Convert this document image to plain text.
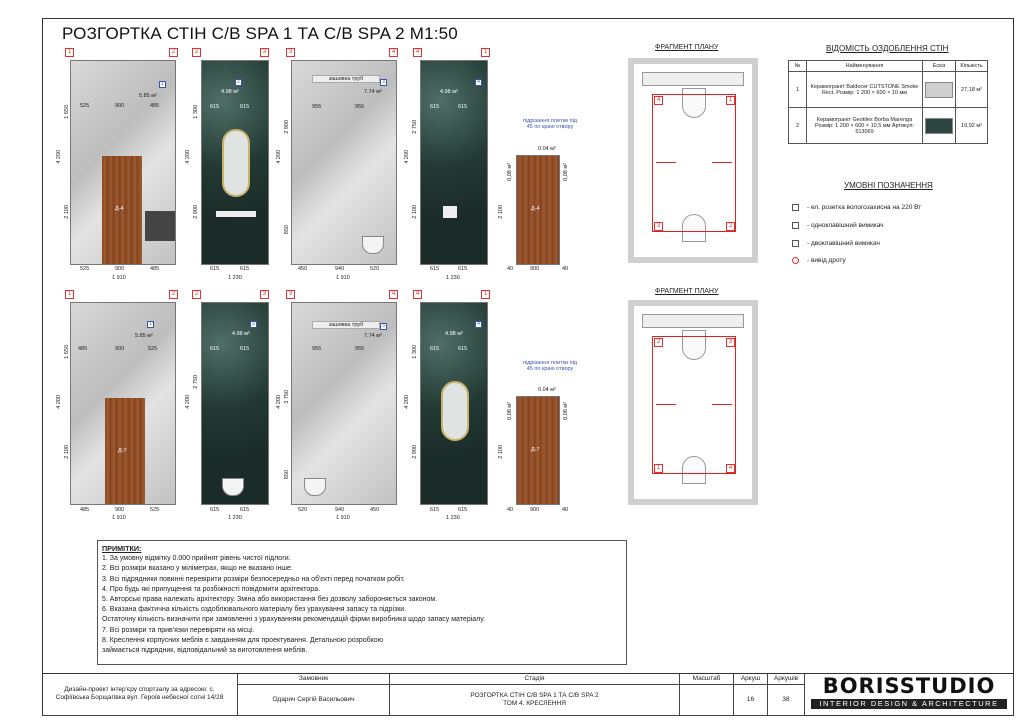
РОЗГОРТКА СТІН С/В SPA 1 ТА С/В SPA 2 М1:50
1	2	2	3	3	4	4	1
Д-4
1
5.85 м²
525	900	485
525	900	485
1 910
4 200
1 650
2 100
2
4.98 м²
615	615
615	615
1 230
4 200
1 300
2 900
зашивка труб	3
7.74 м²
955	955
450	940	520
1 910
4 200
2 900
850
4
4.98 м²
615	615
615	615
1 230
4 200
2 750
2 100
підрізання плитки під 45 по краю отвору
0.04 м²
Д-4
0,08 м²
0,08 м²
2 100
900
40	40
1	2	2	3	3	4	4	1
Д-7
1
5.85 м²
485	900	525
485	900	525
1 910
4 200
1 650
2 100
2
4.98 м²
615	615
615	615
1 230
4 200
2 750
зашивка труб	3
7.74 м²
955	955
520	940	450
1 910
4 200 3 750
850
4
4.98 м²
615	615
615	615
1 230
4 200
1 300
2 900
підрізання плитки під 45 по краю отвору
0.04 м²
Д-7
0,08 м²
0,08 м²
2 100
900
40	40
ФРАГМЕНТ ПЛАНУ
4	1
3	2
ФРАГМЕНТ ПЛАНУ
2	3
1	4
ВІДОМІСТЬ ОЗДОБЛЕННЯ СТІН
№	Найменування	Ескіз	Кількість
1	Керамограніт Baldocer CUTSTONE Smoke Rect. Розмір: 1 200 × 600 × 10 мм		27,18 м²
2	Керамограніт Geotiles Borba Marenga Розмір: 1 200 × 600 × 10,5 мм Артикул: 513069		19,92 м²
УМОВНІ ПОЗНАЧЕННЯ
- ел. розетка вологозахисна на 220 Вт
- одноклавішний вимикач
- двоклавішний вимикач
- вивід дроту
ПРИМІТКИ:
1. За умовну відмітку 0.000 прийнят рівень чистої підлоги.
2. Всі розміри вказано у міліметрах, якщо не вказано інше.
3. Всі підрядники повинні перевірити розміри безпосередньо на об'єкті перед початком робіт.
4. Про будь які припущення та розбіжності повідомити архітектора.
5. Авторські права належать архітектору. Зміна або використання без дозволу забороняється законом.
6. Вказана фактична кількість оздоблювального матеріалу без урахування запасу та підрізки.
Остаточну кількість визначити при замовленні з урахуванням рекомендацій фірми виробника щодо запасу матеріалу.
7. Всі розміри та прив'язки перевіряти на місці.
8. Креслення корпусних меблів є завданням для проектування. Детальною розробкою
займається підрядник, відповідальний за виготовлення меблів.
Дизайн-проект інтер'єру спортзалу за адресою: с. Софіївська Борщагівка вул. Героїв небесної сотні 14/28
Замовник
Одарич Сергій Васильович
Стадія
РОЗГОРТКА СТІН С/В SPA 1 ТА С/В SPA 2
ТОМ 4. КРЕСЛЕННЯ
Масштаб	Аркуш
16
Аркушів
38
BORISSTUDIO
INTERIOR DESIGN & ARCHITECTURE
